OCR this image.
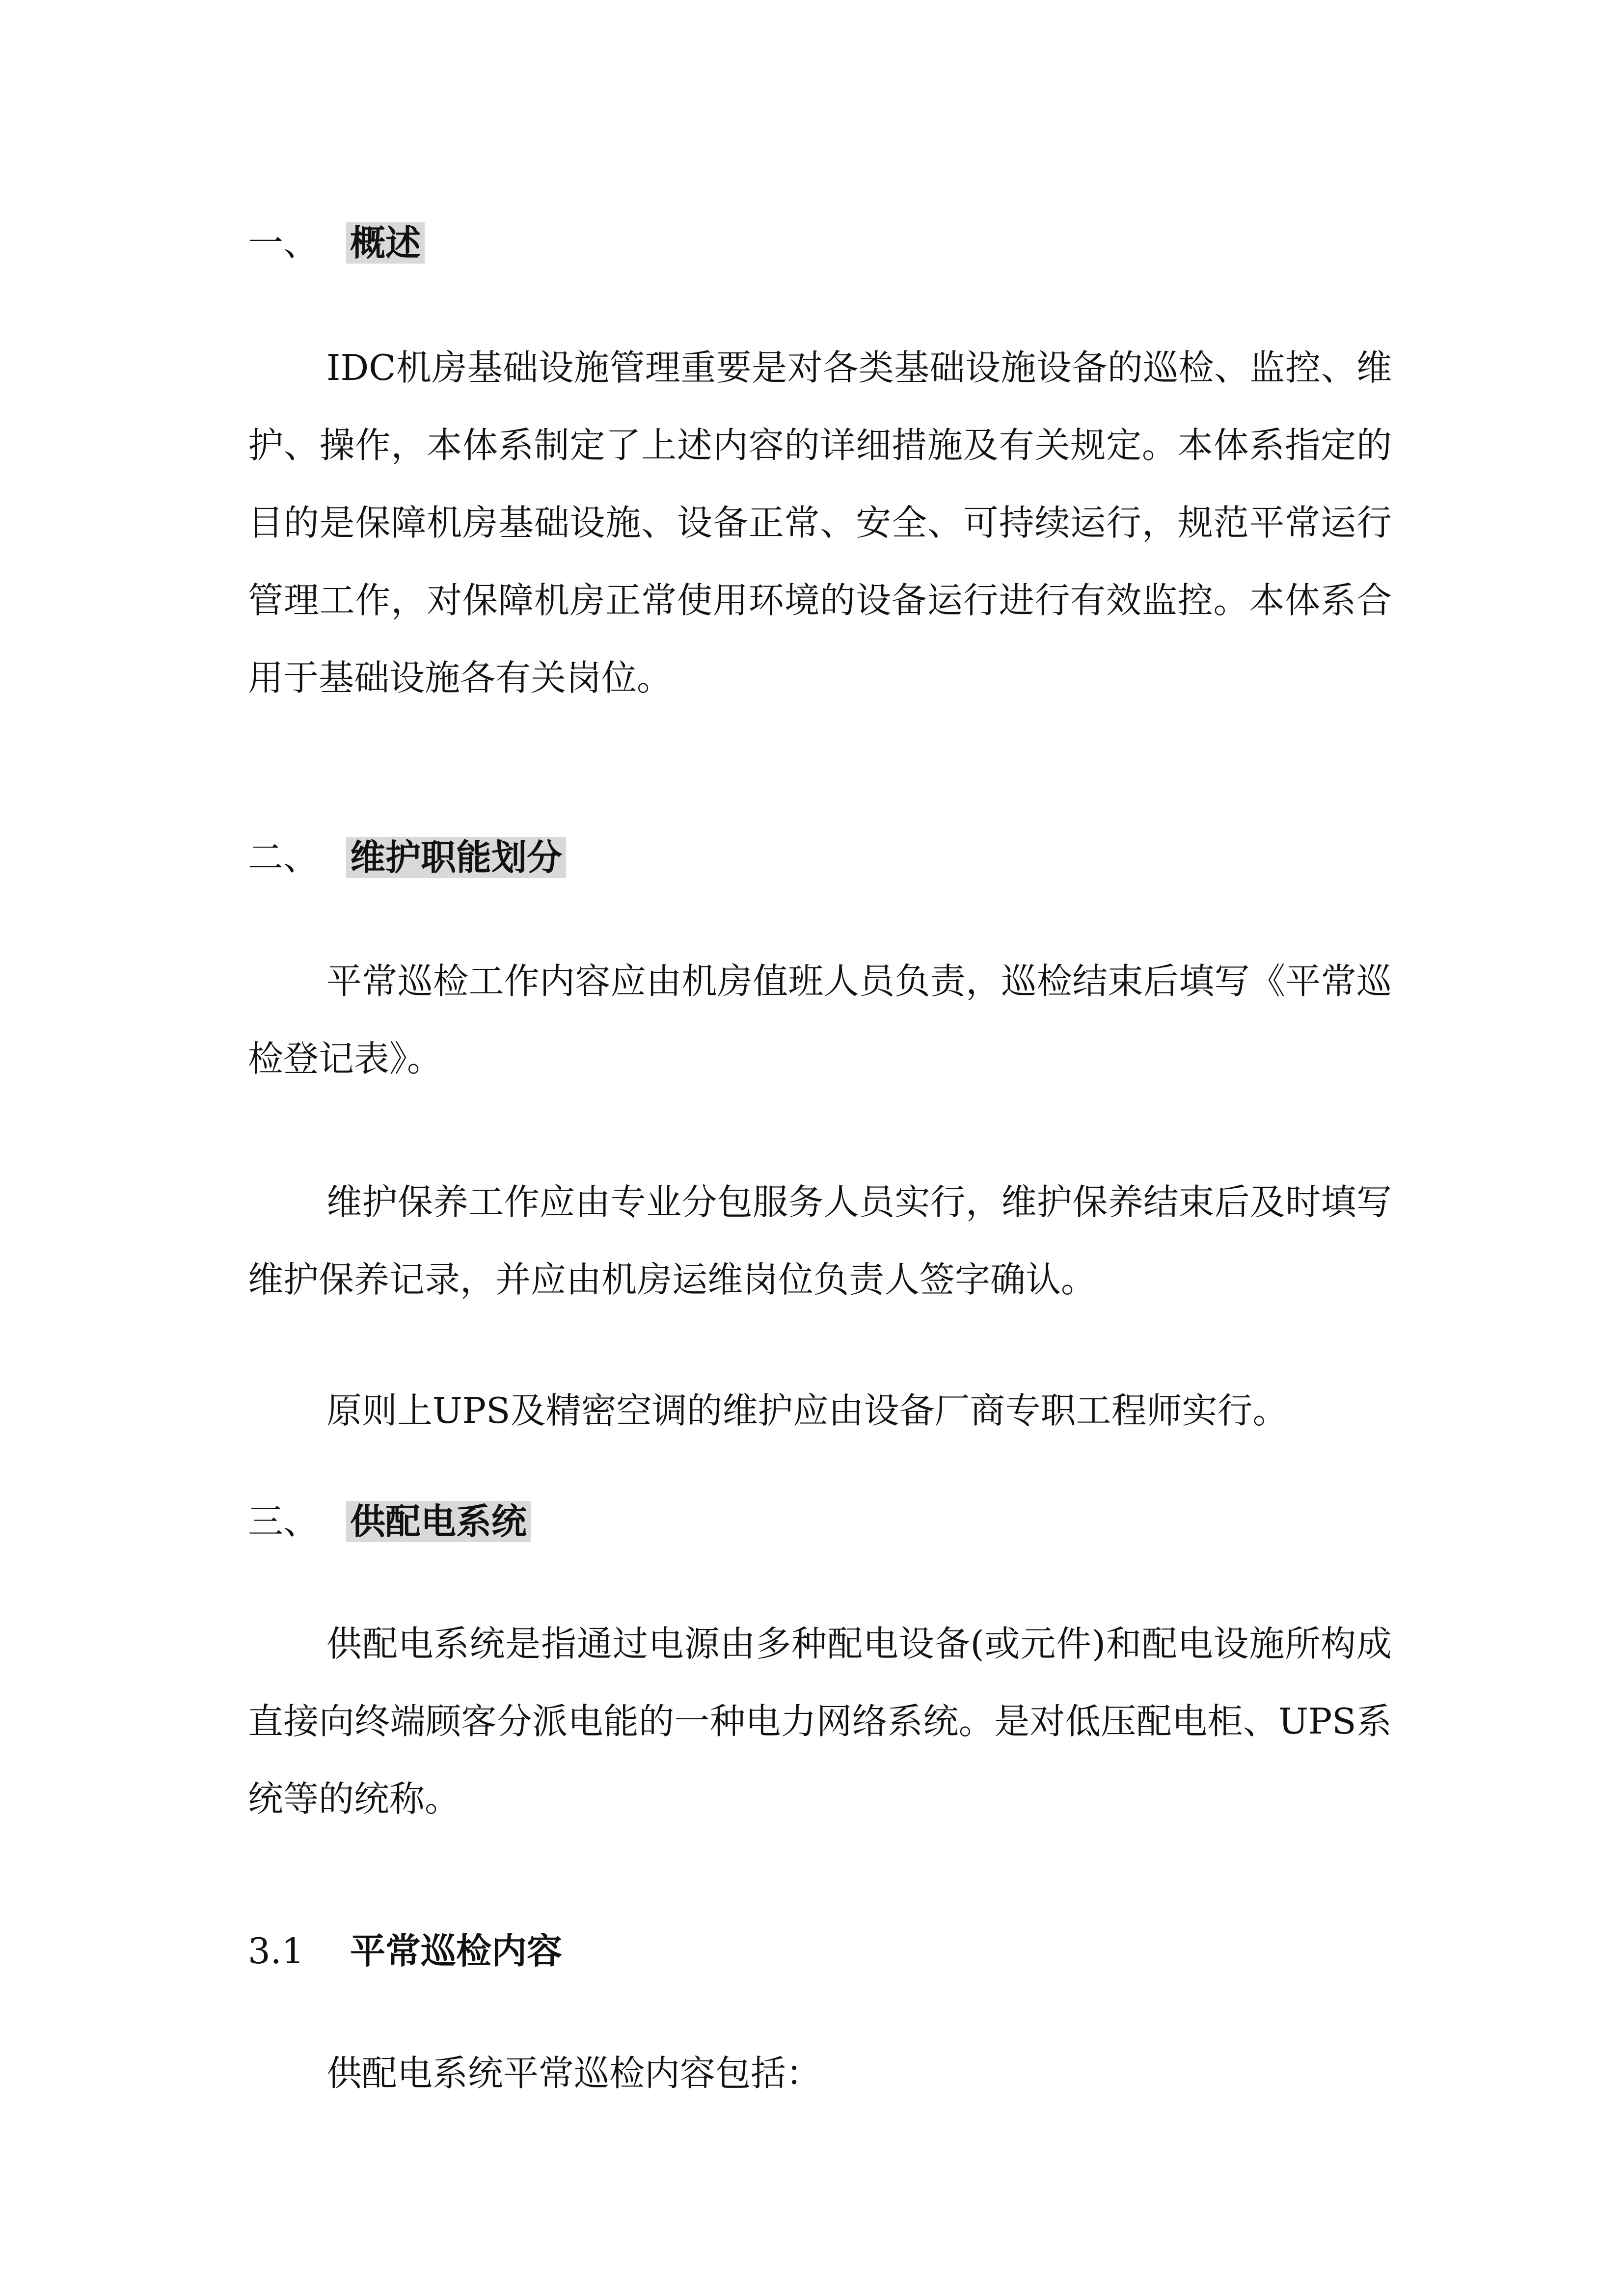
一、 概述

IDC机房基础设施管理重要是对各类基础设施设备的巡检、监控、维护、操作，本体系制定了上述内容的详细措施及有关规定。本体系指定的目的是保障机房基础设施、设备正常、安全、可持续运行，规范平常运行管理工作，对保障机房正常使用环境的设备运行进行有效监控。本体系合用于基础设施各有关岗位。

二、 维护职能划分

平常巡检工作内容应由机房值班人员负责，巡检结束后填写《平常巡检登记表》。

维护保养工作应由专业分包服务人员实行，维护保养结束后及时填写维护保养记录，并应由机房运维岗位负责人签字确认。

原则上UPS及精密空调的维护应由设备厂商专职工程师实行。

三、 供配电系统

供配电系统是指通过电源由多种配电设备(或元件)和配电设施所构成直接向终端顾客分派电能的一种电力网络系统。是对低压配电柜、UPS系统等的统称。

3.1	平常巡检内容

供配电系统平常巡检内容包括：
